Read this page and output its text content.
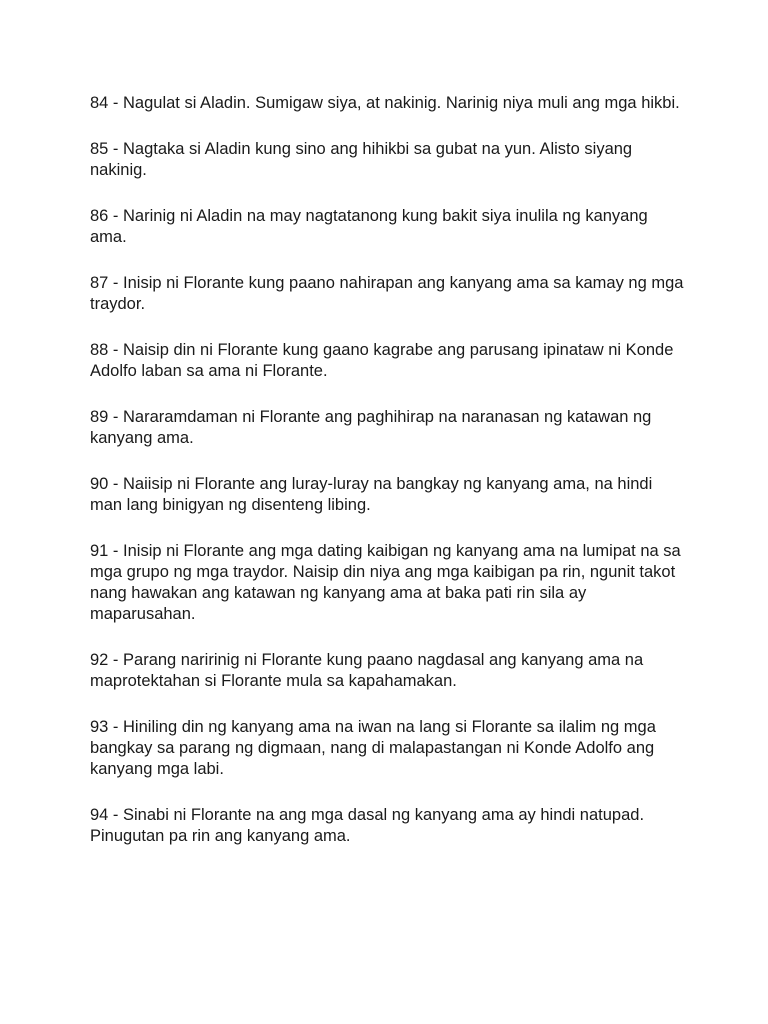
84 - Nagulat si Aladin. Sumigaw siya, at nakinig. Narinig niya muli ang mga hikbi.

85 - Nagtaka si Aladin kung sino ang hihikbi sa gubat na yun. Alisto siyang nakinig.

86 - Narinig ni Aladin na may nagtatanong kung bakit siya inulila ng kanyang ama.

87 - Inisip ni Florante kung paano nahirapan ang kanyang ama sa kamay ng mga traydor.

88 - Naisip din ni Florante kung gaano kagrabe ang parusang ipinataw ni Konde Adolfo laban sa ama ni Florante.

89 - Nararamdaman ni Florante ang paghihirap na naranasan ng katawan ng kanyang ama.

90 - Naiisip ni Florante ang luray-luray na bangkay ng kanyang ama, na hindi man lang binigyan ng disenteng libing.

91 - Inisip ni Florante ang mga dating kaibigan ng kanyang ama na lumipat na sa mga grupo ng mga traydor. Naisip din niya ang mga kaibigan pa rin, ngunit takot nang hawakan ang katawan ng kanyang ama at baka pati rin sila ay maparusahan.

92 - Parang naririnig ni Florante kung paano nagdasal ang kanyang ama na maprotektahan si Florante mula sa kapahamakan.

93 - Hiniling din ng kanyang ama na iwan na lang si Florante sa ilalim ng mga bangkay sa parang ng digmaan, nang di malapastangan ni Konde Adolfo ang kanyang mga labi.

94 - Sinabi ni Florante na ang mga dasal ng kanyang ama ay hindi natupad. Pinugutan pa rin ang kanyang ama.
